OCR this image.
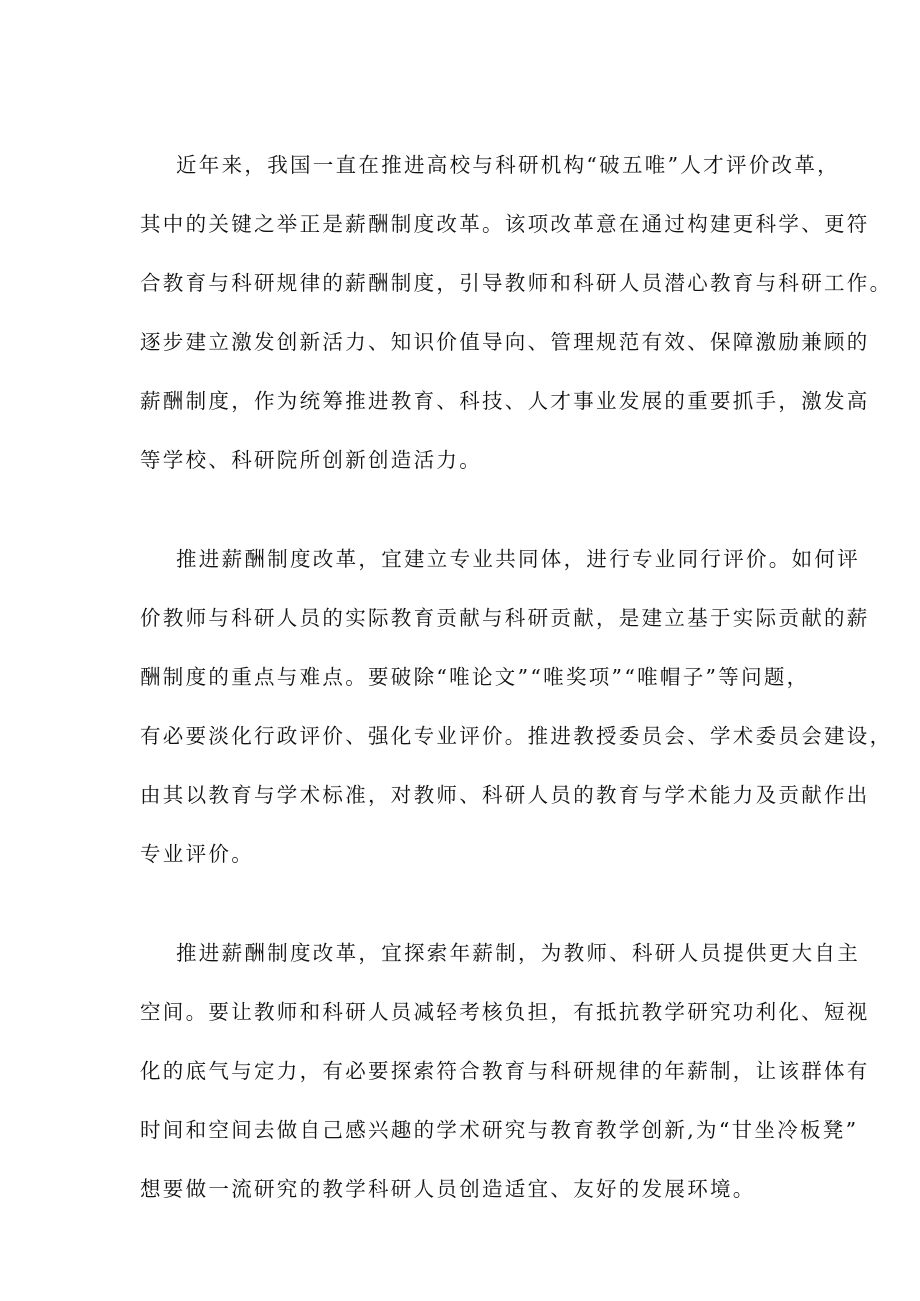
近年来，我国一直在推进高校与科研机构“破五唯”人才评价改革，
其中的关键之举正是薪酬制度改革。该项改革意在通过构建更科学、更符
合教育与科研规律的薪酬制度，引导教师和科研人员潜心教育与科研工作。
逐步建立激发创新活力、知识价值导向、管理规范有效、保障激励兼顾的
薪酬制度，作为统筹推进教育、科技、人才事业发展的重要抓手，激发高
等学校、科研院所创新创造活力。
推进薪酬制度改革，宜建立专业共同体，进行专业同行评价。如何评
价教师与科研人员的实际教育贡献与科研贡献，是建立基于实际贡献的薪
酬制度的重点与难点。要破除“唯论文”“唯奖项”“唯帽子”等问题，
有必要淡化行政评价、强化专业评价。推进教授委员会、学术委员会建设，
由其以教育与学术标准，对教师、科研人员的教育与学术能力及贡献作出
专业评价。
推进薪酬制度改革，宜探索年薪制，为教师、科研人员提供更大自主
空间。要让教师和科研人员减轻考核负担，有抵抗教学研究功利化、短视
化的底气与定力，有必要探索符合教育与科研规律的年薪制，让该群体有
时间和空间去做自己感兴趣的学术研究与教育教学创新,为“甘坐冷板凳”
想要做一流研究的教学科研人员创造适宜、友好的发展环境。
